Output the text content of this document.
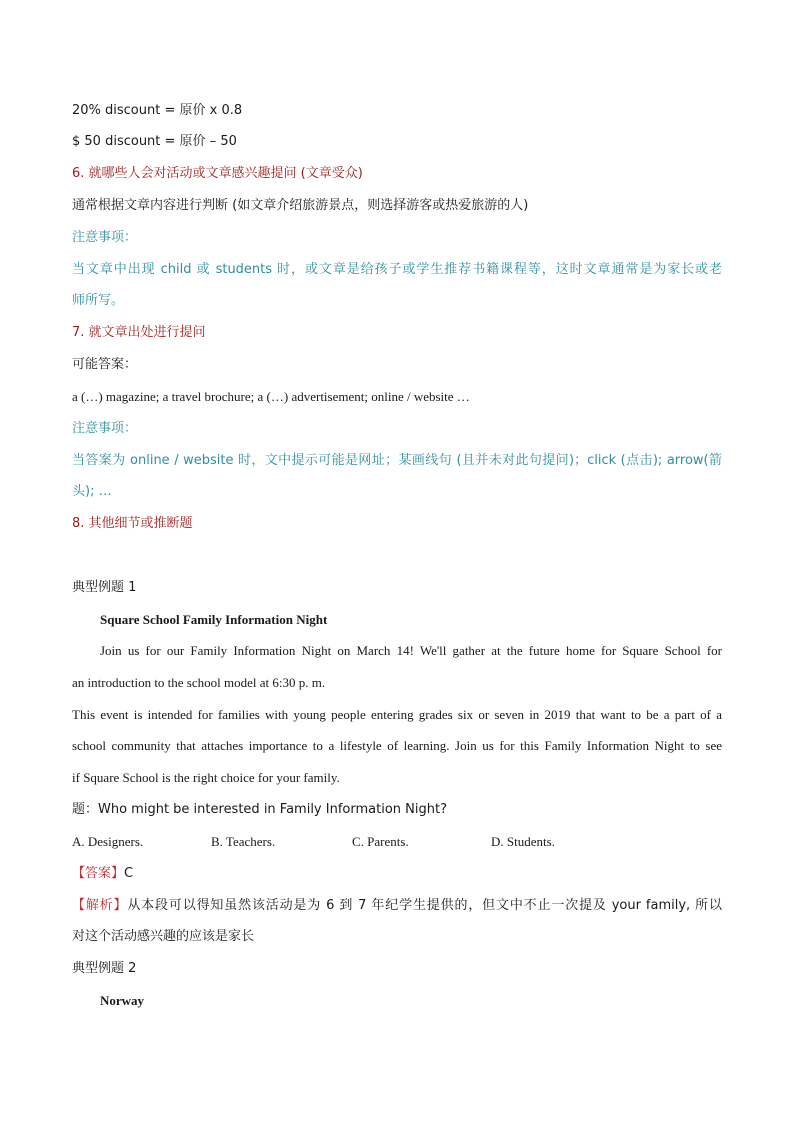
20% discount = 原价 x 0.8
$ 50 discount = 原价 – 50
6. 就哪些人会对活动或文章感兴趣提问 (文章受众)
通常根据文章内容进行判断 (如文章介绍旅游景点，则选择游客或热爱旅游的人)
注意事项：
当文章中出现 child 或 students 时，或文章是给孩子或学生推荐书籍课程等，这时文章通常是为家长或老
师所写。
7. 就文章出处进行提问
可能答案：
a (…) magazine; a travel brochure; a (…) advertisement; online / website …
注意事项：
当答案为 online / website 时，文中提示可能是网址；某画线句 (且并未对此句提问)；click (点击); arrow(箭
头); …
8. 其他细节或推断题
典型例题 1
Square School Family Information Night
Join us for our Family Information Night on March 14! We'll gather at the future home for Square School for
an introduction to the school model at 6:30 p. m.
This event is intended for families with young people entering grades six or seven in 2019 that want to be a part of a
school community that attaches importance to a lifestyle of learning. Join us for this Family Information Night to see
if Square School is the right choice for your family.
题：Who might be interested in Family Information Night?
A. Designers.	B. Teachers.	C. Parents.	D. Students.
【答案】C
【解析】从本段可以得知虽然该活动是为 6 到 7 年纪学生提供的，但文中不止一次提及 your family, 所以
对这个活动感兴趣的应该是家长
典型例题 2
Norway
